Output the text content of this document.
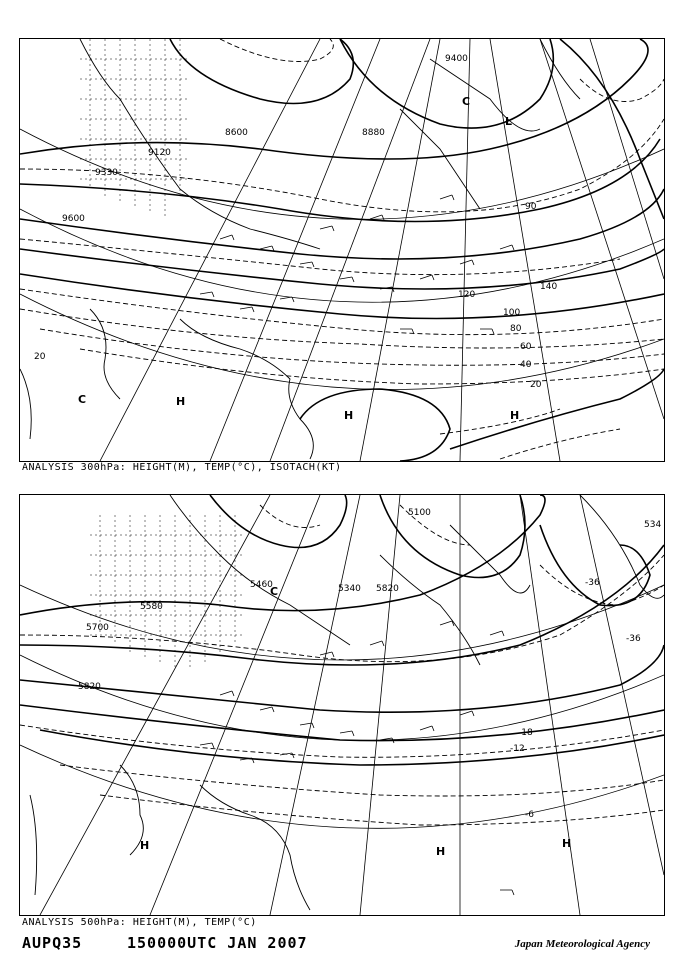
9400
9600
9120
9330
8600	8880
140
120
100
80
60
40
20
90
20
C	H
H	H
C
L
ANALYSIS 300hPa: HEIGHT(M), TEMP(°C), ISOTACH(KT)
5700
5580
5820
5460	5340
5100
5820
534
-36
-12
-36
-18
-6
C
H	H
H
ANALYSIS 500hPa: HEIGHT(M), TEMP(°C)
AUPQ35	150000UTC JAN 2007	Japan Meteorological Agency
